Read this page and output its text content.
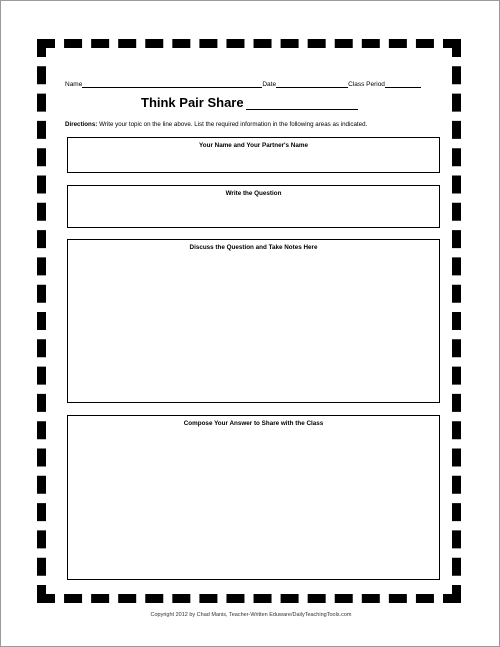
Name	Date	Class Period
Think Pair Share
Directions: Write your topic on the line above. List the required information in the following areas as indicated.
Your Name and Your Partner's Name
Write the Question
Discuss the Question and Take Notes Here
Compose Your Answer to Share with the Class
Copyright 2012 by Chad Manis, Teacher-Written Eduware/DailyTeachingTools.com
